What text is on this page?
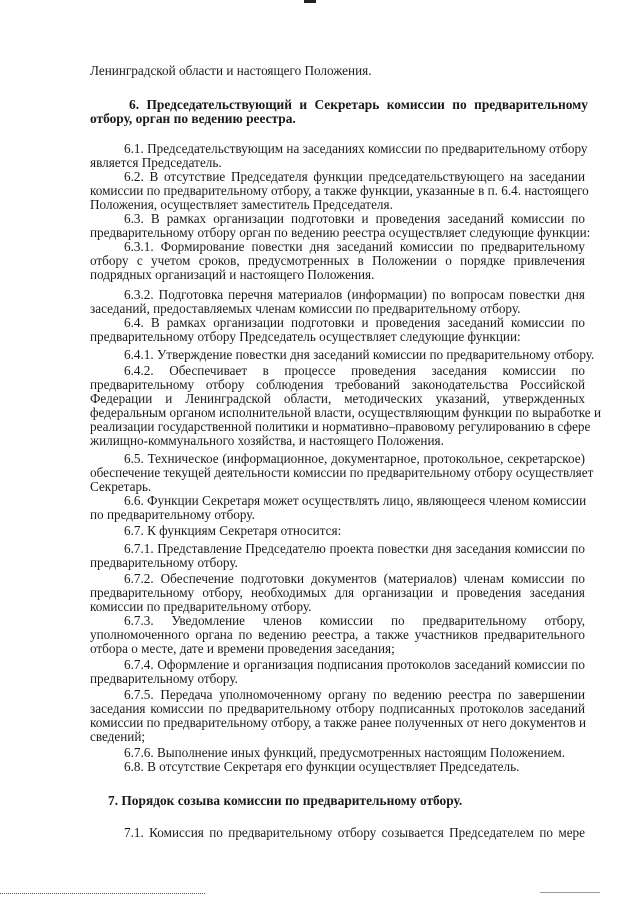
Ленинградской области и настоящего Положения.

6. Председательствующий и Секретарь комиссии по предварительному

отбору, орган по ведению реестра.

6.1. Председательствующим на заседаниях комиссии по предварительному отбору

является Председатель.

6.2. В отсутствие Председателя функции председательствующего на заседании

комиссии по предварительному отбору, а также функции, указанные в п. 6.4. настоящего

Положения, осуществляет заместитель Председателя.

6.3. В рамках организации подготовки и проведения заседаний комиссии по

предварительному отбору орган по ведению реестра осуществляет следующие функции:

6.3.1. Формирование повестки дня заседаний комиссии по предварительному

отбору с учетом сроков, предусмотренных в Положении о порядке привлечения

подрядных организаций и настоящего Положения.

6.3.2. Подготовка перечня материалов (информации) по вопросам повестки дня

заседаний, предоставляемых членам комиссии по предварительному отбору.

6.4. В рамках организации подготовки и проведения заседаний комиссии по

предварительному отбору Председатель осуществляет следующие функции:

6.4.1. Утверждение повестки дня заседаний комиссии по предварительному отбору.

6.4.2. Обеспечивает в процессе проведения заседания комиссии по

предварительному отбору соблюдения требований законодательства Российской

Федерации и Ленинградской области, методических указаний, утвержденных

федеральным органом исполнительной власти, осуществляющим функции по выработке и

реализации государственной политики и нормативно–правовому регулированию в сфере

жилищно-коммунального хозяйства, и настоящего Положения.

6.5. Техническое (информационное, документарное, протокольное, секретарское)

обеспечение текущей деятельности комиссии по предварительному отбору осуществляет

Секретарь.

6.6. Функции Секретаря может осуществлять лицо, являющееся членом комиссии

по предварительному отбору.

6.7. К функциям Секретаря относится:

6.7.1. Представление Председателю проекта повестки дня заседания комиссии по

предварительному отбору.

6.7.2. Обеспечение подготовки документов (материалов) членам комиссии по

предварительному отбору, необходимых для организации и проведения заседания

комиссии по предварительному отбору.

6.7.3. Уведомление членов комиссии по предварительному отбору,

уполномоченного органа по ведению реестра, а также участников предварительного

отбора о месте, дате и времени проведения заседания;

6.7.4. Оформление и организация подписания протоколов заседаний комиссии по

предварительному отбору.

6.7.5. Передача уполномоченному органу по ведению реестра по завершении

заседания комиссии по предварительному отбору подписанных протоколов заседаний

комиссии по предварительному отбору, а также ранее полученных от него документов и

сведений;

6.7.6. Выполнение иных функций, предусмотренных настоящим Положением.

6.8. В отсутствие Секретаря его функции осуществляет Председатель.

7. Порядок созыва комиссии по предварительному отбору.

7.1. Комиссия по предварительному отбору созывается Председателем по мере
